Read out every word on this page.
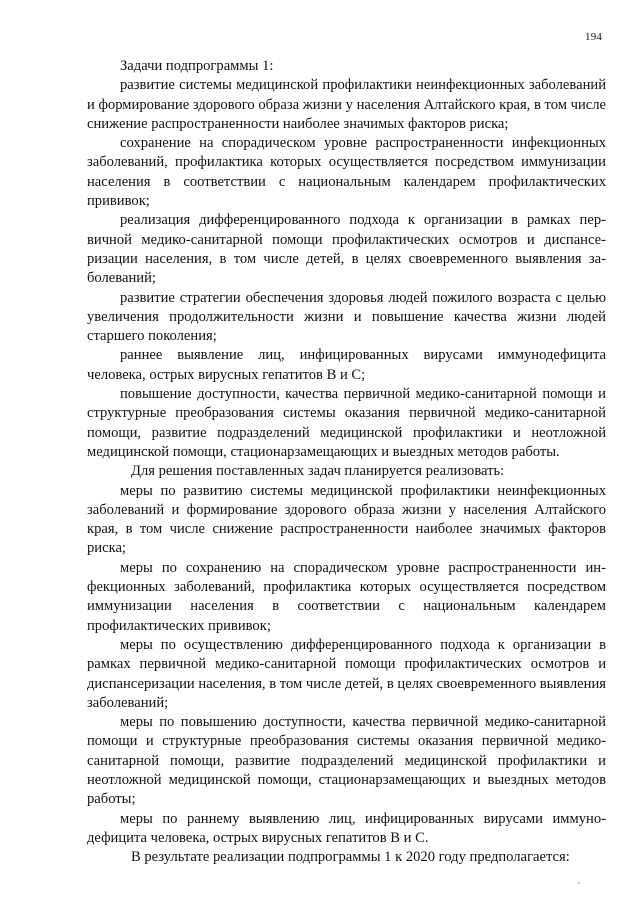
194

Задачи подпрограммы 1:

развитие системы медицинской профилактики неинфекционных заболеваний и формирование здорового образа жизни у населения Алтайского края, в том числе снижение распространенности наиболее значимых факторов риска;

сохранение на спорадическом уровне распространенности инфекционных заболеваний, профилактика которых осуществляется посредством иммунизации населения в соответствии с национальным календарем профилактических прививок;

реализация дифференцированного подхода к организации в рамках первичной медико-санитарной помощи профилактических осмотров и диспансеризации населения, в том числе детей, в целях своевременного выявления заболеваний;

развитие стратегии обеспечения здоровья людей пожилого возраста с целью увеличения продолжительности жизни и повышение качества жизни людей старшего поколения;

раннее выявление лиц, инфицированных вирусами иммунодефицита человека, острых вирусных гепатитов В и С;

повышение доступности, качества первичной медико-санитарной помощи и структурные преобразования системы оказания первичной медико-санитарной помощи, развитие подразделений медицинской профилактики и неотложной медицинской помощи, стационарзамещающих и выездных методов работы.

Для решения поставленных задач планируется реализовать:

меры по развитию системы медицинской профилактики неинфекционных заболеваний и формирование здорового образа жизни у населения Алтайского края, в том числе снижение распространенности наиболее значимых факторов риска;

меры по сохранению на спорадическом уровне распространенности инфекционных заболеваний, профилактика которых осуществляется посредством иммунизации населения в соответствии с национальным календарем профилактических прививок;

меры по осуществлению дифференцированного подхода к организации в рамках первичной медико-санитарной помощи профилактических осмотров и диспансеризации населения, в том числе детей, в целях своевременного выявления заболеваний;

меры по повышению доступности, качества первичной медико-санитарной помощи и структурные преобразования системы оказания первичной медико-санитарной помощи, развитие подразделений медицинской профилактики и неотложной медицинской помощи, стационарзамещающих и выездных методов работы;

меры по раннему выявлению лиц, инфицированных вирусами иммунодефицита человека, острых вирусных гепатитов В и С.

В результате реализации подпрограммы 1 к 2020 году предполагается:
